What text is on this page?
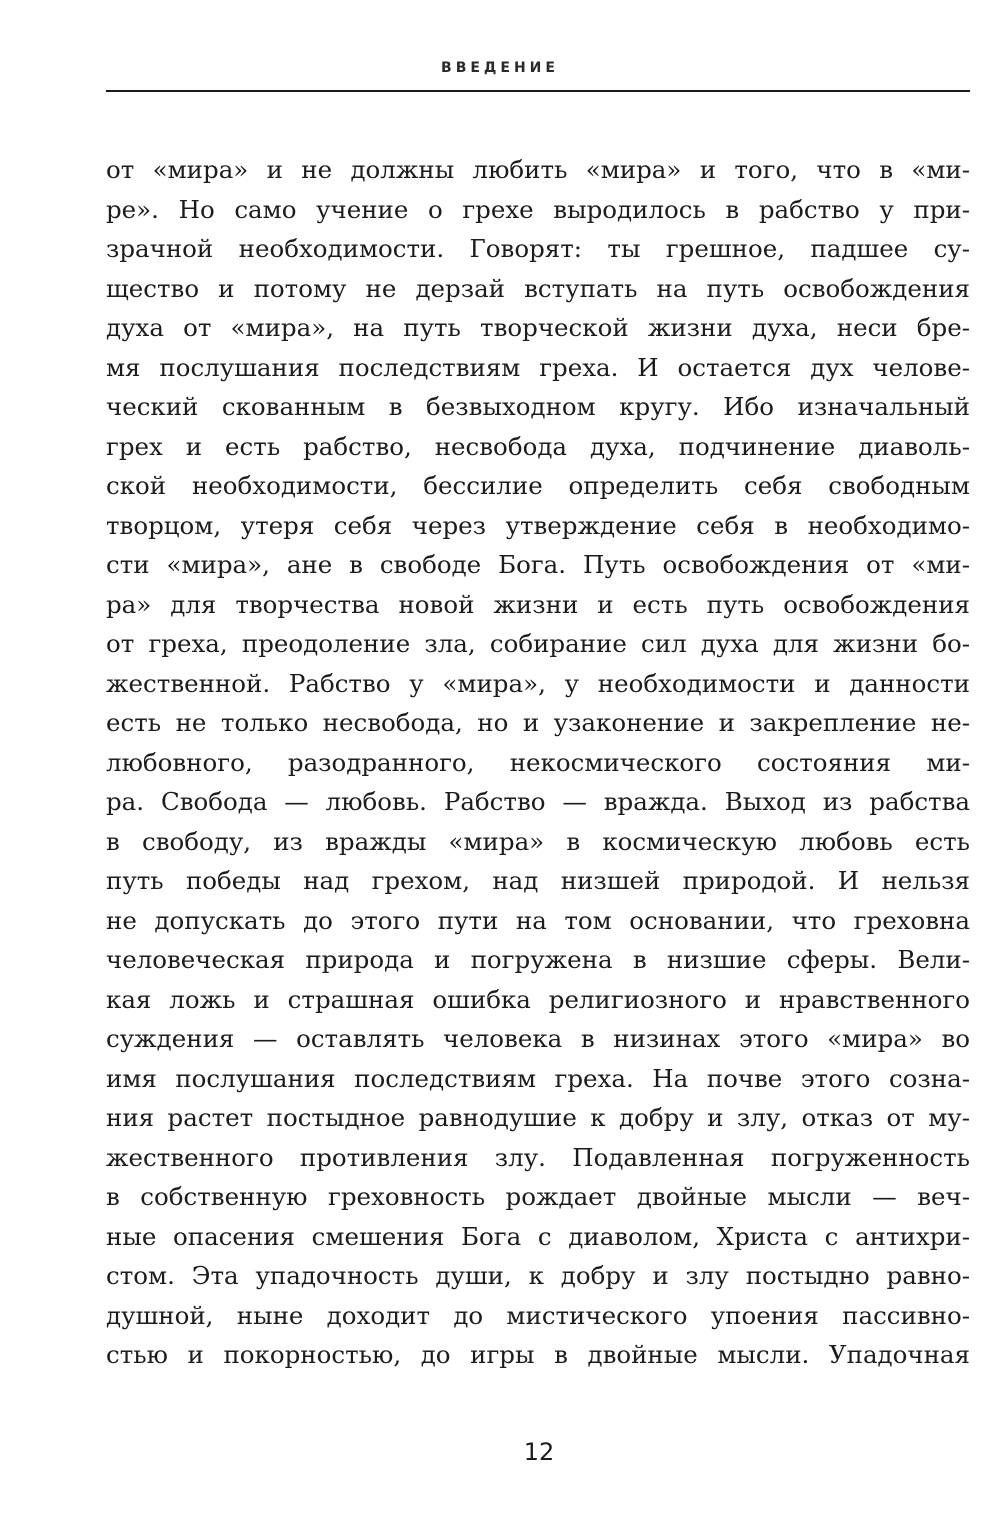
ВВЕДЕНИЕ
от «мира» и не должны любить «мира» и того, что в «ми-
ре». Но само учение о грехе выродилось в рабство у при-
зрачной необходимости. Говорят: ты грешное, падшее су-
щество и потому не дерзай вступать на путь освобождения
духа от «мира», на путь творческой жизни духа, неси бре-
мя послушания последствиям греха. И остается дух челове-
ческий скованным в безвыходном кругу. Ибо изначальный
грех и есть рабство, несвобода духа, подчинение диаволь-
ской необходимости, бессилие определить себя свободным
творцом, утеря себя через утверждение себя в необходимо-
сти «мира», ане в свободе Бога. Путь освобождения от «ми-
ра» для творчества новой жизни и есть путь освобождения
от греха, преодоление зла, собирание сил духа для жизни бо-
жественной. Рабство у «мира», у необходимости и данности
есть не только несвобода, но и узаконение и закрепление не-
любовного, разодранного, некосмического состояния ми-
ра. Свобода — любовь. Рабство — вражда. Выход из рабства
в свободу, из вражды «мира» в космическую любовь есть
путь победы над грехом, над низшей природой. И нельзя
не допускать до этого пути на том основании, что греховна
человеческая природа и погружена в низшие сферы. Вели-
кая ложь и страшная ошибка религиозного и нравственного
суждения — оставлять человека в низинах этого «мира» во
имя послушания последствиям греха. На почве этого созна-
ния растет постыдное равнодушие к добру и злу, отказ от му-
жественного противления злу. Подавленная погруженность
в собственную греховность рождает двойные мысли — веч-
ные опасения смешения Бога с диаволом, Христа с антихри-
стом. Эта упадочность души, к добру и злу постыдно равно-
душной, ныне доходит до мистического упоения пассивно-
стью и покорностью, до игры в двойные мысли. Упадочная
12
